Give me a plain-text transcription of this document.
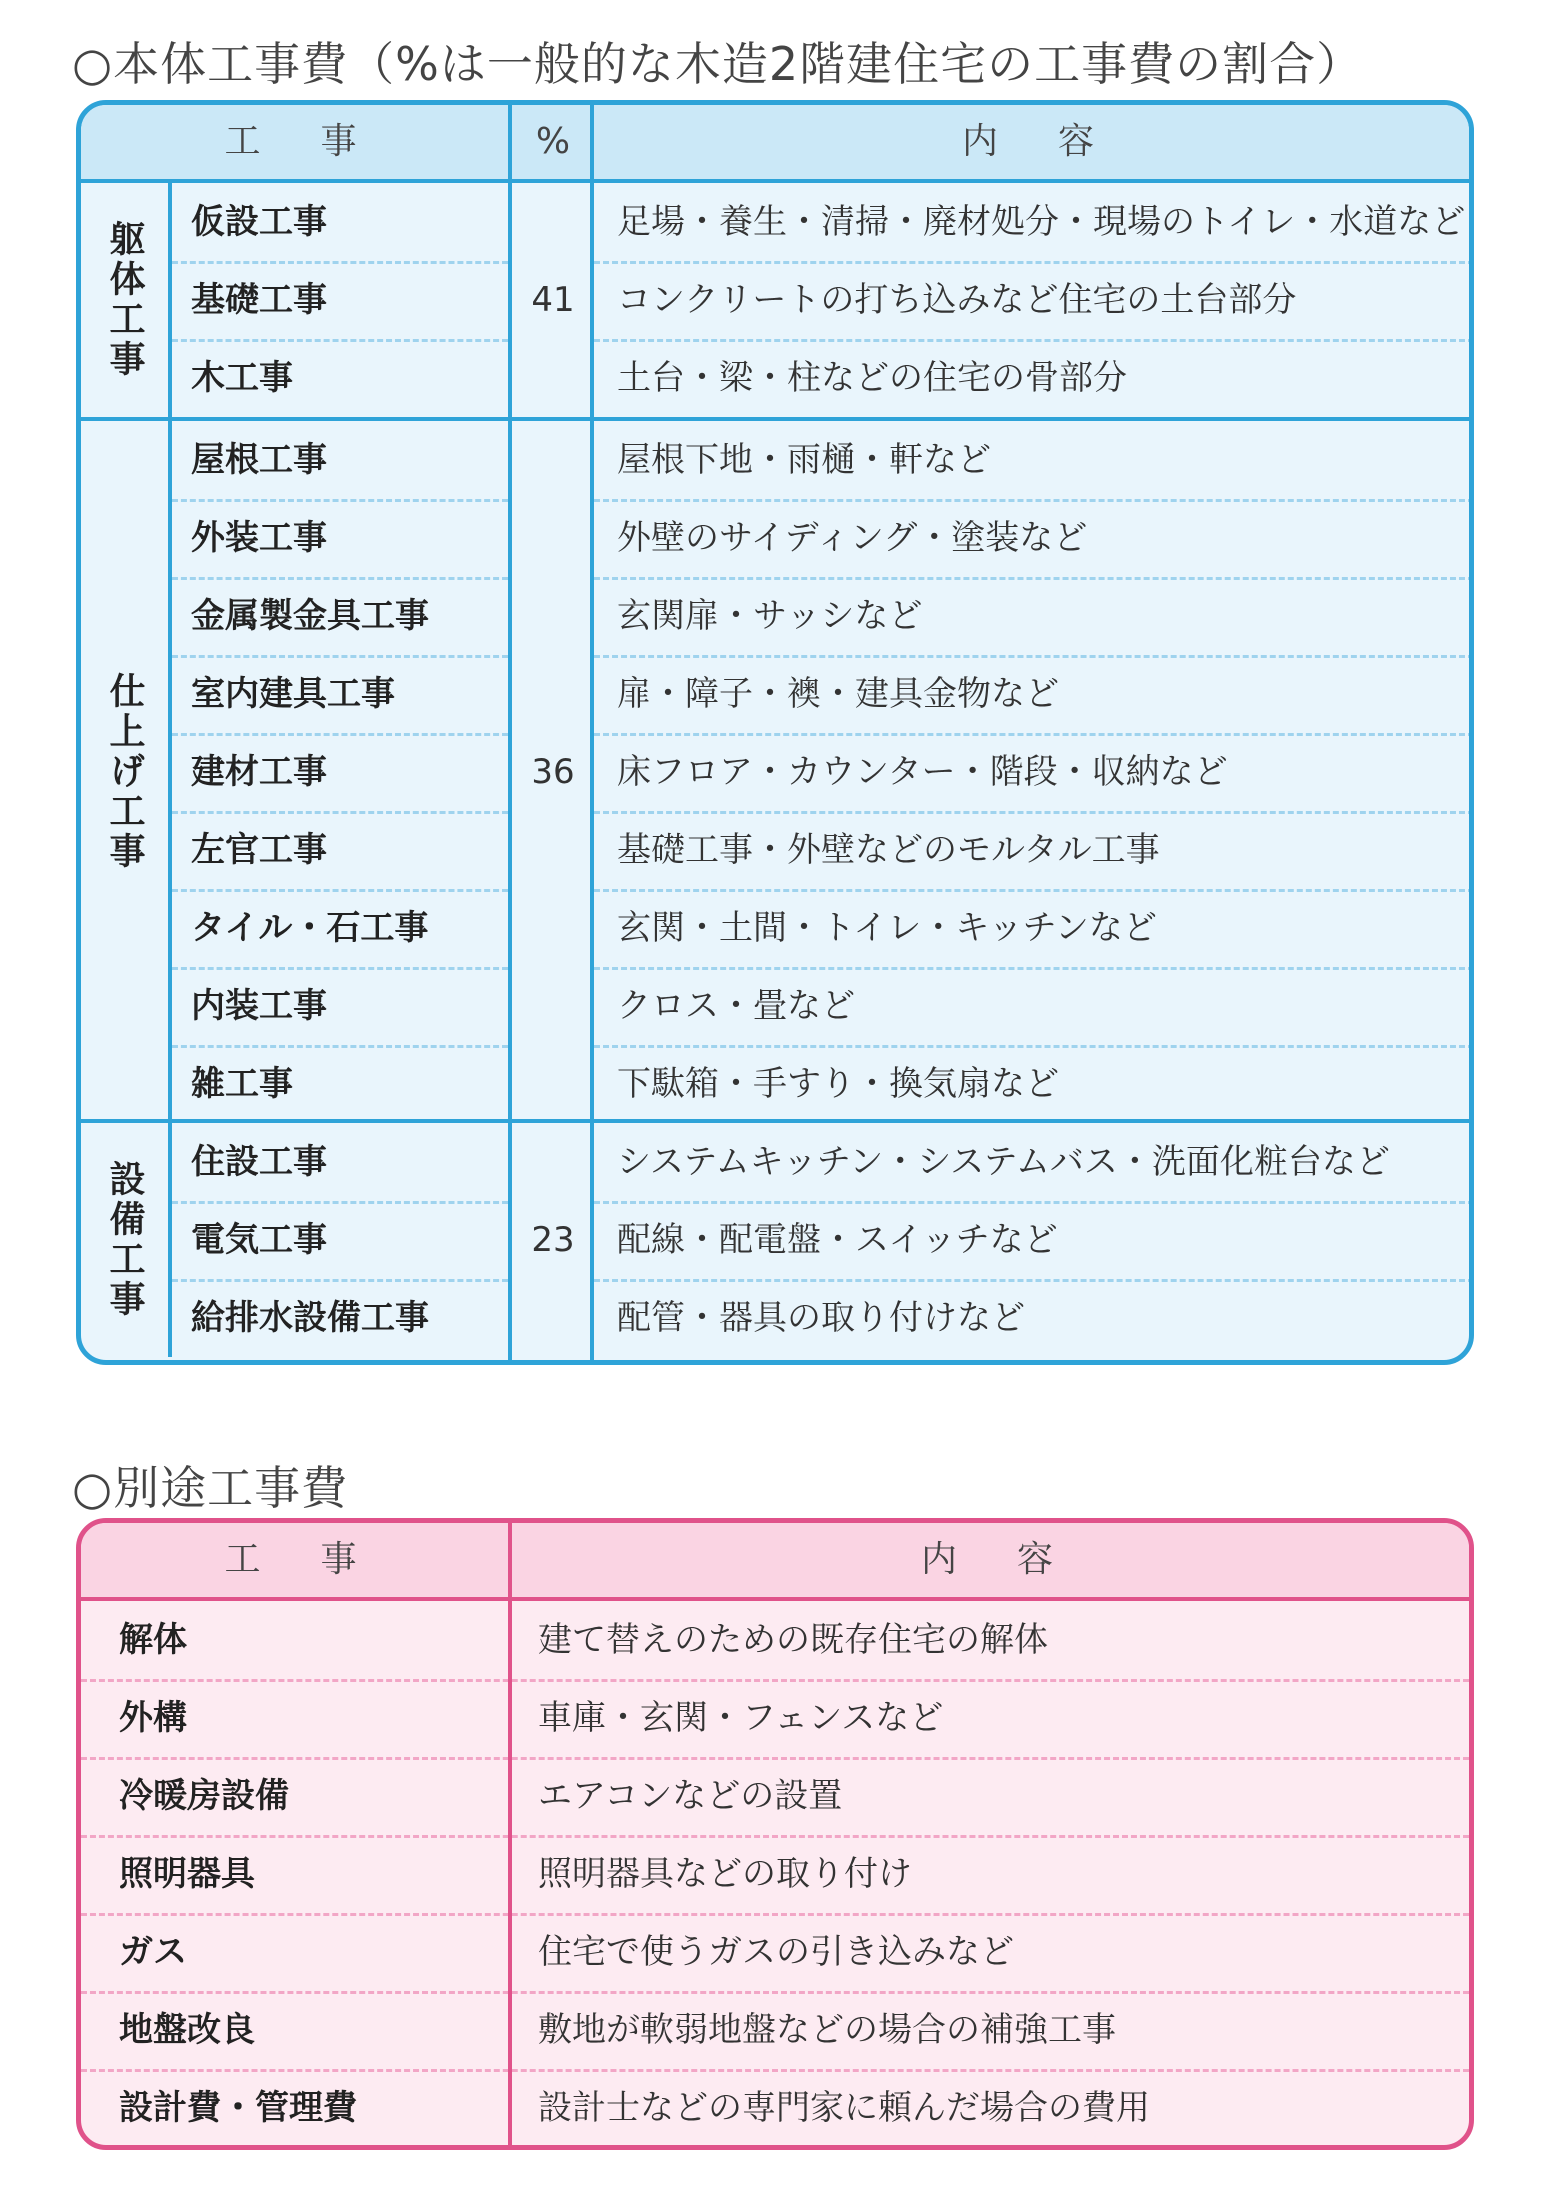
○本体工事費（%は一般的な木造2階建住宅の工事費の割合）
工　事	%	内　容
躯体工事	41
仮設工事	足場・養生・清掃・廃材処分・現場のトイレ・水道など
基礎工事	コンクリートの打ち込みなど住宅の土台部分
木工事	土台・梁・柱などの住宅の骨部分
仕上げ工事	36
屋根工事	屋根下地・雨樋・軒など
外装工事	外壁のサイディング・塗装など
金属製金具工事	玄関扉・サッシなど
室内建具工事	扉・障子・襖・建具金物など
建材工事	床フロア・カウンター・階段・収納など
左官工事	基礎工事・外壁などのモルタル工事
タイル・石工事	玄関・土間・トイレ・キッチンなど
内装工事	クロス・畳など
雑工事	下駄箱・手すり・換気扇など
設備工事	23
住設工事	システムキッチン・システムバス・洗面化粧台など
電気工事	配線・配電盤・スイッチなど
給排水設備工事	配管・器具の取り付けなど
○別途工事費
工　事	内　容
解体	建て替えのための既存住宅の解体
外構	車庫・玄関・フェンスなど
冷暖房設備	エアコンなどの設置
照明器具	照明器具などの取り付け
ガス	住宅で使うガスの引き込みなど
地盤改良	敷地が軟弱地盤などの場合の補強工事
設計費・管理費	設計士などの専門家に頼んだ場合の費用
